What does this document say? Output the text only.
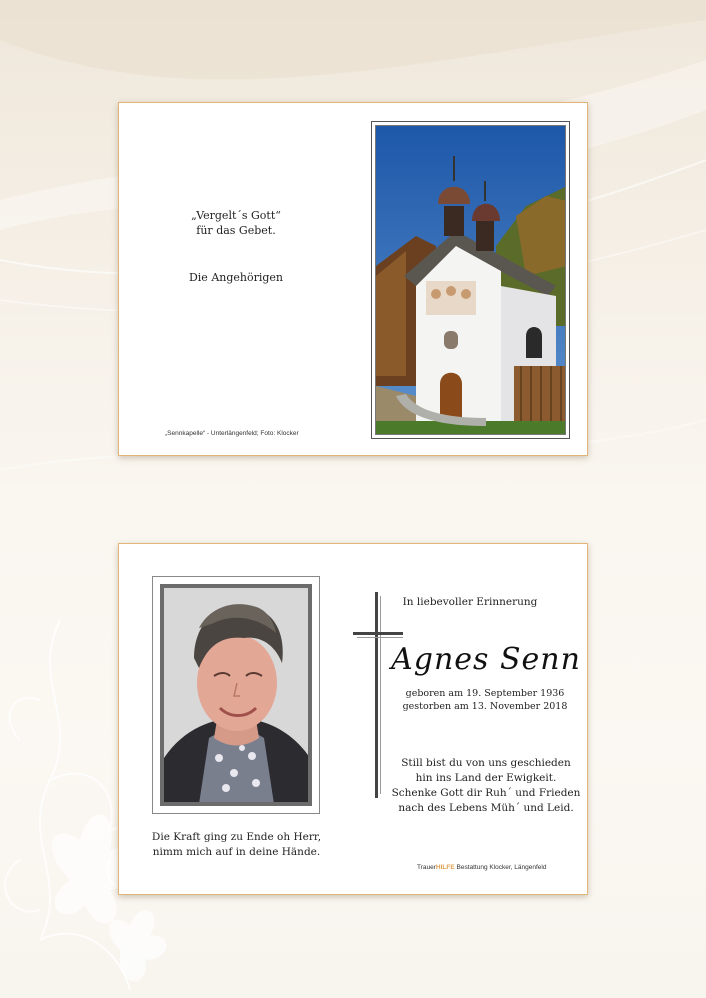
„Vergelt´s Gott“
für das Gebet.
Die Angehörigen
„Sennkapelle“ - Unterlängenfeld; Foto: Klocker
In liebevoller Erinnerung
Agnes Senn
geboren am 19. September 1936
gestorben am 13. November 2018
Still bist du von uns geschieden
hin ins Land der Ewigkeit.
Schenke Gott dir Ruh´ und Frieden
nach des Lebens Müh´ und Leid.
Die Kraft ging zu Ende oh Herr,
nimm mich auf in deine Hände.
TrauerHILFE Bestattung Klocker, Längenfeld
